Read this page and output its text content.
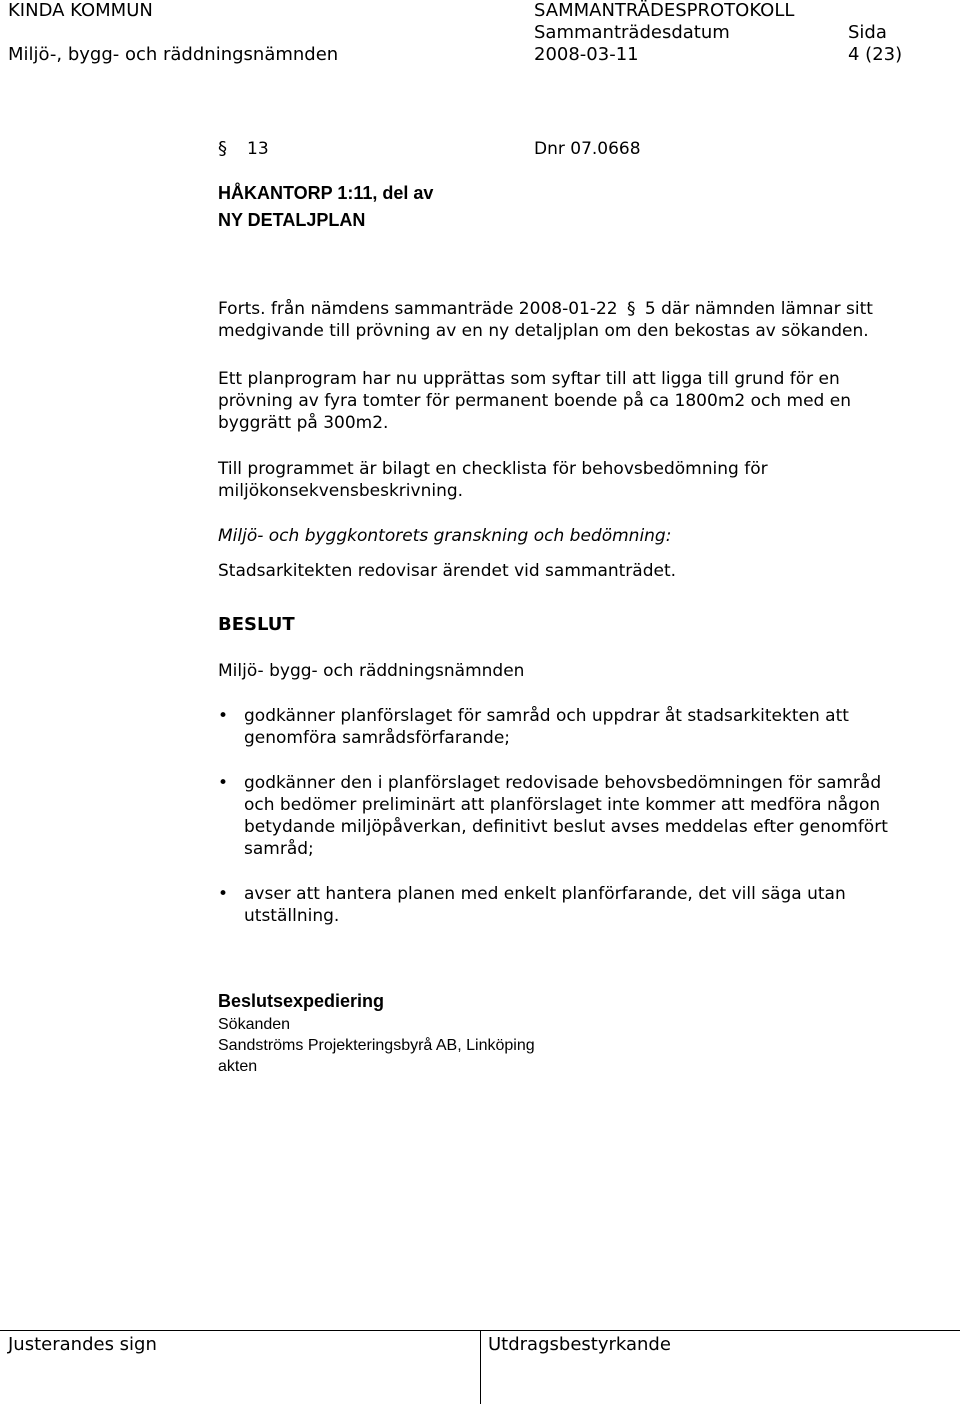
KINDA KOMMUN
Miljö-, bygg- och räddningsnämnden
SAMMANTRÄDESPROTOKOLL
Sammanträdesdatum
2008-03-11
Sida
4 (23)
§ 13	Dnr 07.0668
HÅKANTORP 1:11, del av
NY DETALJPLAN
Forts. från nämdens sammanträde 2008-01-22 § 5 där nämnden lämnar sitt
medgivande till prövning av en ny detaljplan om den bekostas av sökanden.
Ett planprogram har nu upprättas som syftar till att ligga till grund för en
prövning av fyra tomter för permanent boende på ca 1800m2 och med en
byggrätt på 300m2.
Till programmet är bilagt en checklista för behovsbedömning för
miljökonsekvensbeskrivning.
Miljö- och byggkontorets granskning och bedömning:
Stadsarkitekten redovisar ärendet vid sammanträdet.
BESLUT
Miljö- bygg- och räddningsnämnden
• godkänner planförslaget för samråd och uppdrar åt stadsarkitekten att
genomföra samrådsförfarande;
• godkänner den i planförslaget redovisade behovsbedömningen för samråd
och bedömer preliminärt att planförslaget inte kommer att medföra någon
betydande miljöpåverkan, definitivt beslut avses meddelas efter genomfört
samråd;
• avser att hantera planen med enkelt planförfarande, det vill säga utan
utställning.
Beslutsexpediering
Sökanden
Sandströms Projekteringsbyrå AB, Linköping
akten
Justerandes sign	Utdragsbestyrkande
